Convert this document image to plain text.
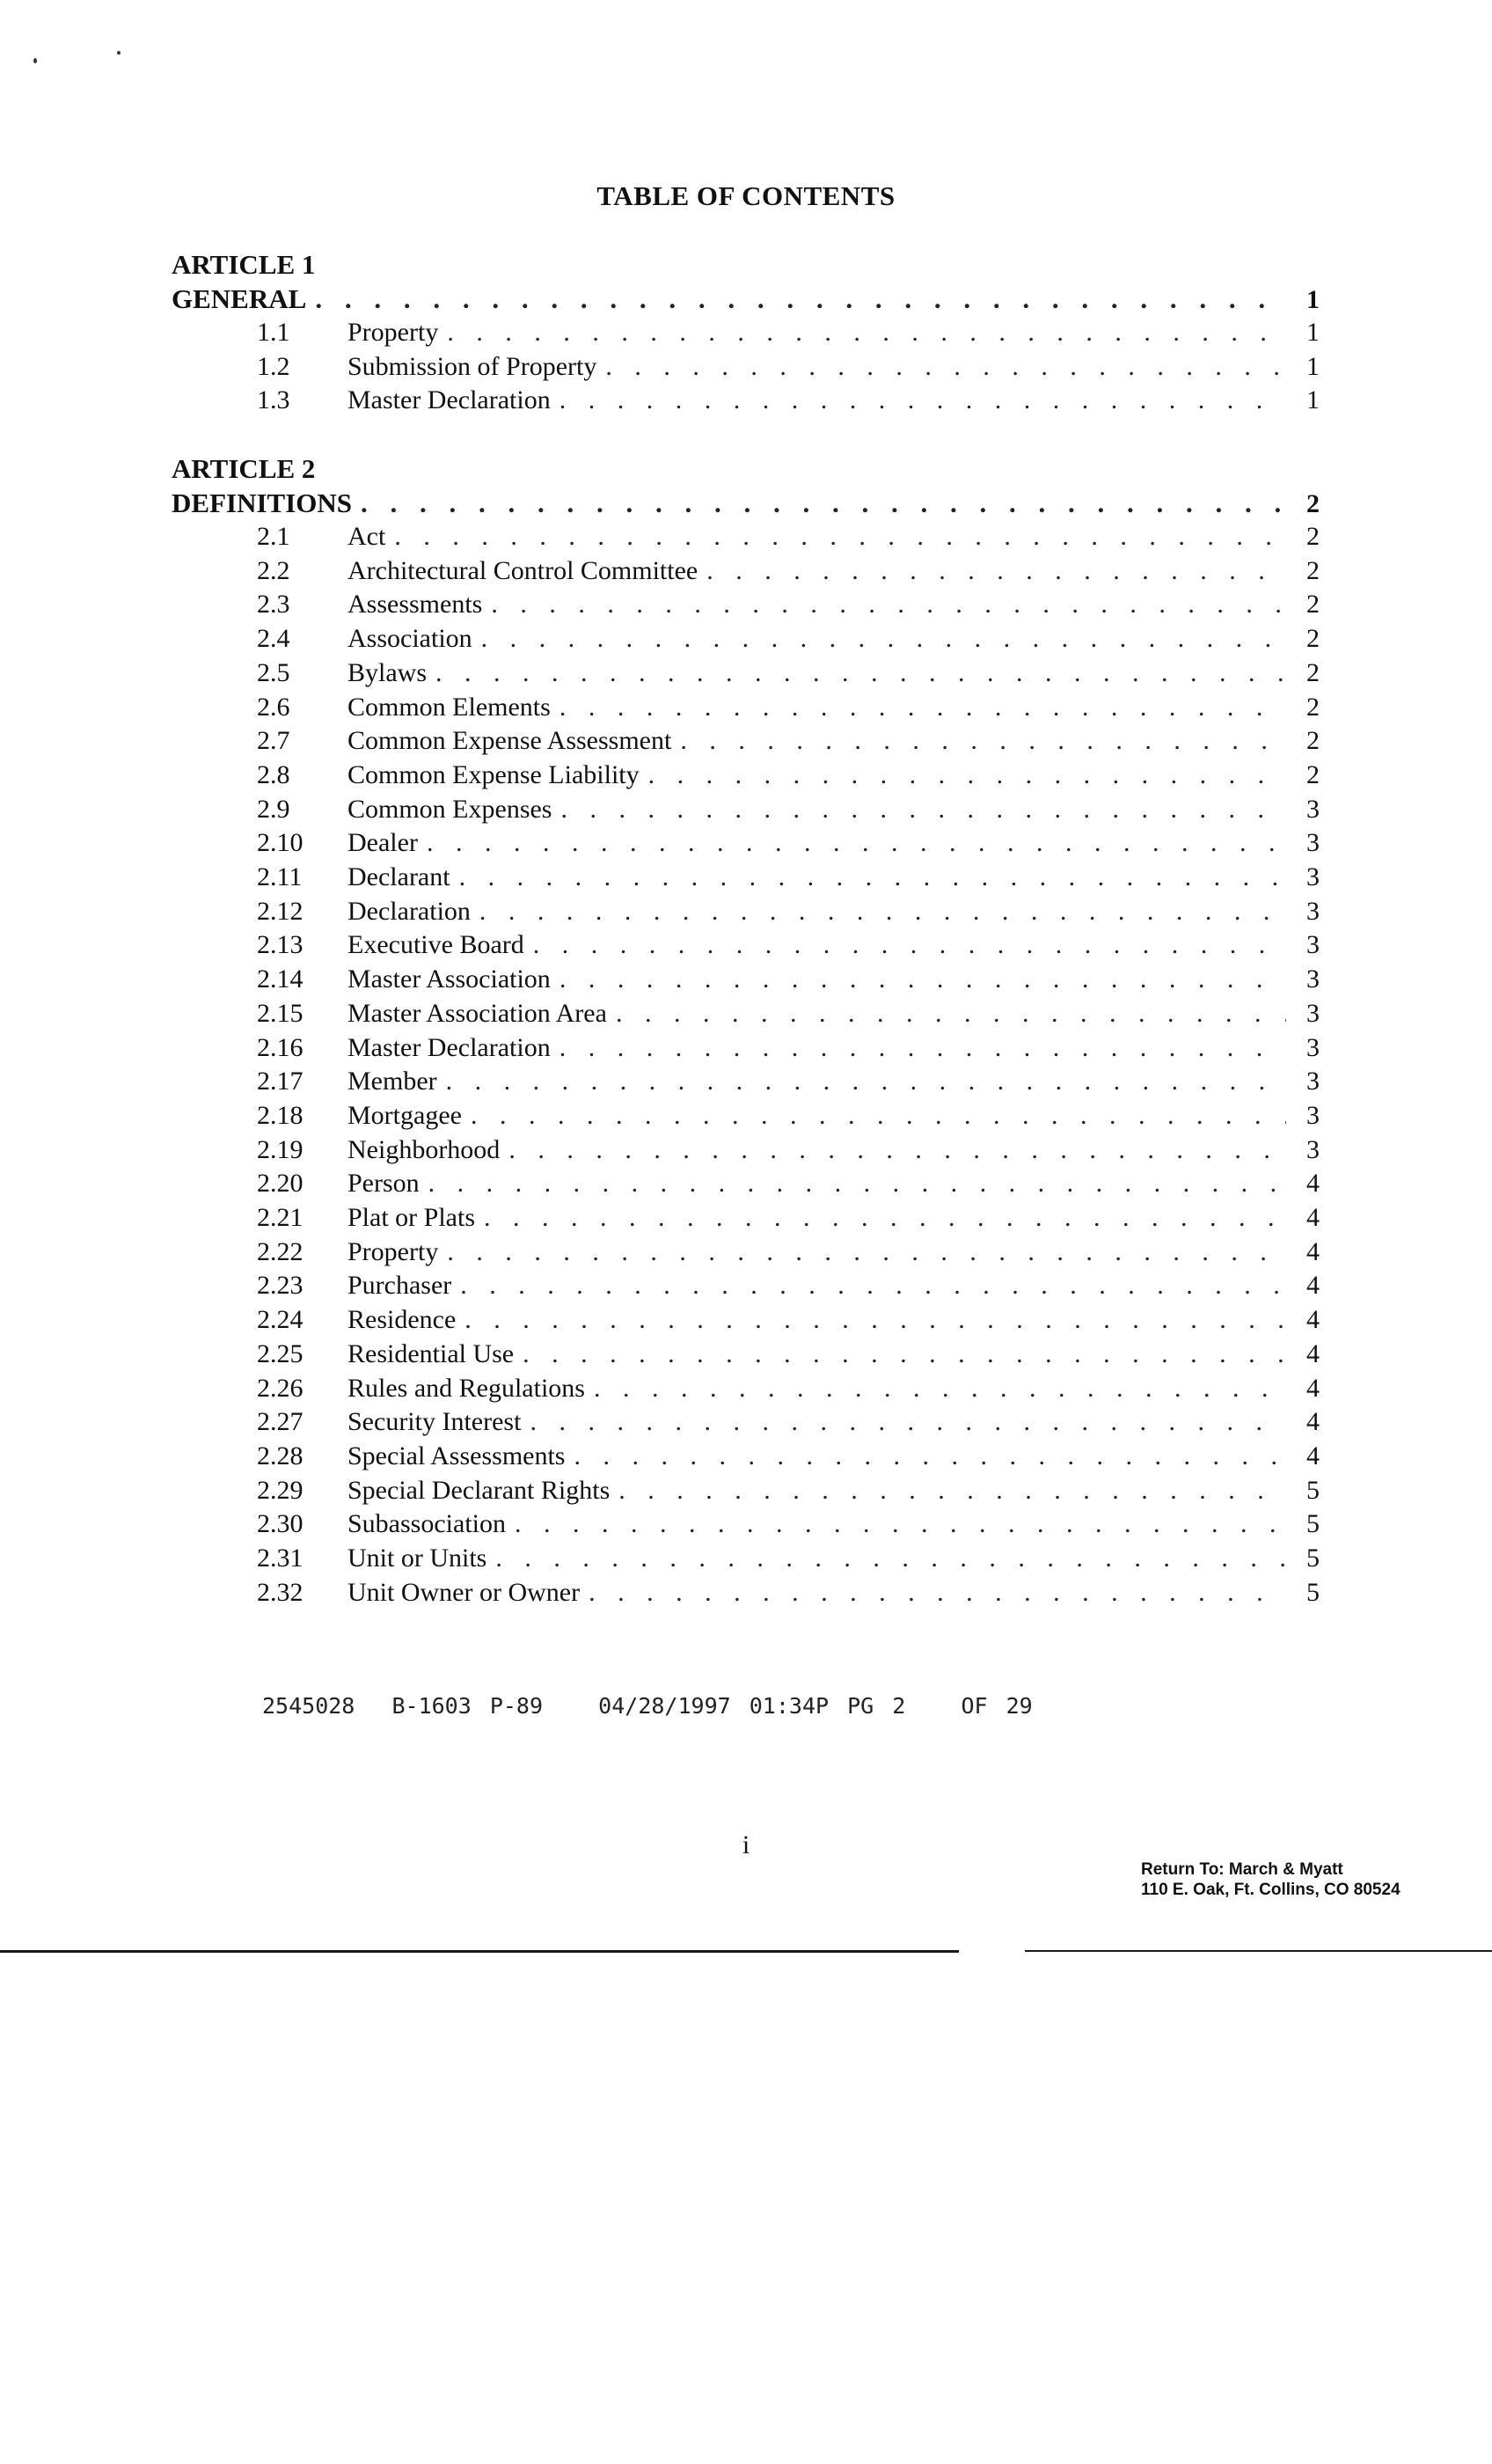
TABLE OF CONTENTS
ARTICLE 1
GENERAL . . .	1
1.1	Property . . .	1
1.2	Submission of Property . . .	1
1.3	Master Declaration . . .	1
ARTICLE 2
DEFINITIONS . . .	2
2.1	Act . . .	2
2.2	Architectural Control Committee . . .	2
2.3	Assessments . . .	2
2.4	Association . . .	2
2.5	Bylaws . . .	2
2.6	Common Elements . . .	2
2.7	Common Expense Assessment . . .	2
2.8	Common Expense Liability . . .	2
2.9	Common Expenses . . .	3
2.10	Dealer . . .	3
2.11	Declarant . . .	3
2.12	Declaration . . .	3
2.13	Executive Board . . .	3
2.14	Master Association . . .	3
2.15	Master Association Area . . .	3
2.16	Master Declaration . . .	3
2.17	Member . . .	3
2.18	Mortgagee . . .	3
2.19	Neighborhood . . .	3
2.20	Person . . .	4
2.21	Plat or Plats . . .	4
2.22	Property . . .	4
2.23	Purchaser . . .	4
2.24	Residence . . .	4
2.25	Residential Use . . .	4
2.26	Rules and Regulations . . .	4
2.27	Security Interest . . .	4
2.28	Special Assessments . . .	4
2.29	Special Declarant Rights . . .	5
2.30	Subassociation . . .	5
2.31	Unit or Units . . .	5
2.32	Unit Owner or Owner . . .	5
2545028  B-1603 P-89   04/28/1997 01:34P PG 2   OF 29
i
Return To: March & Myatt
110 E. Oak, Ft. Collins, CO 80524
